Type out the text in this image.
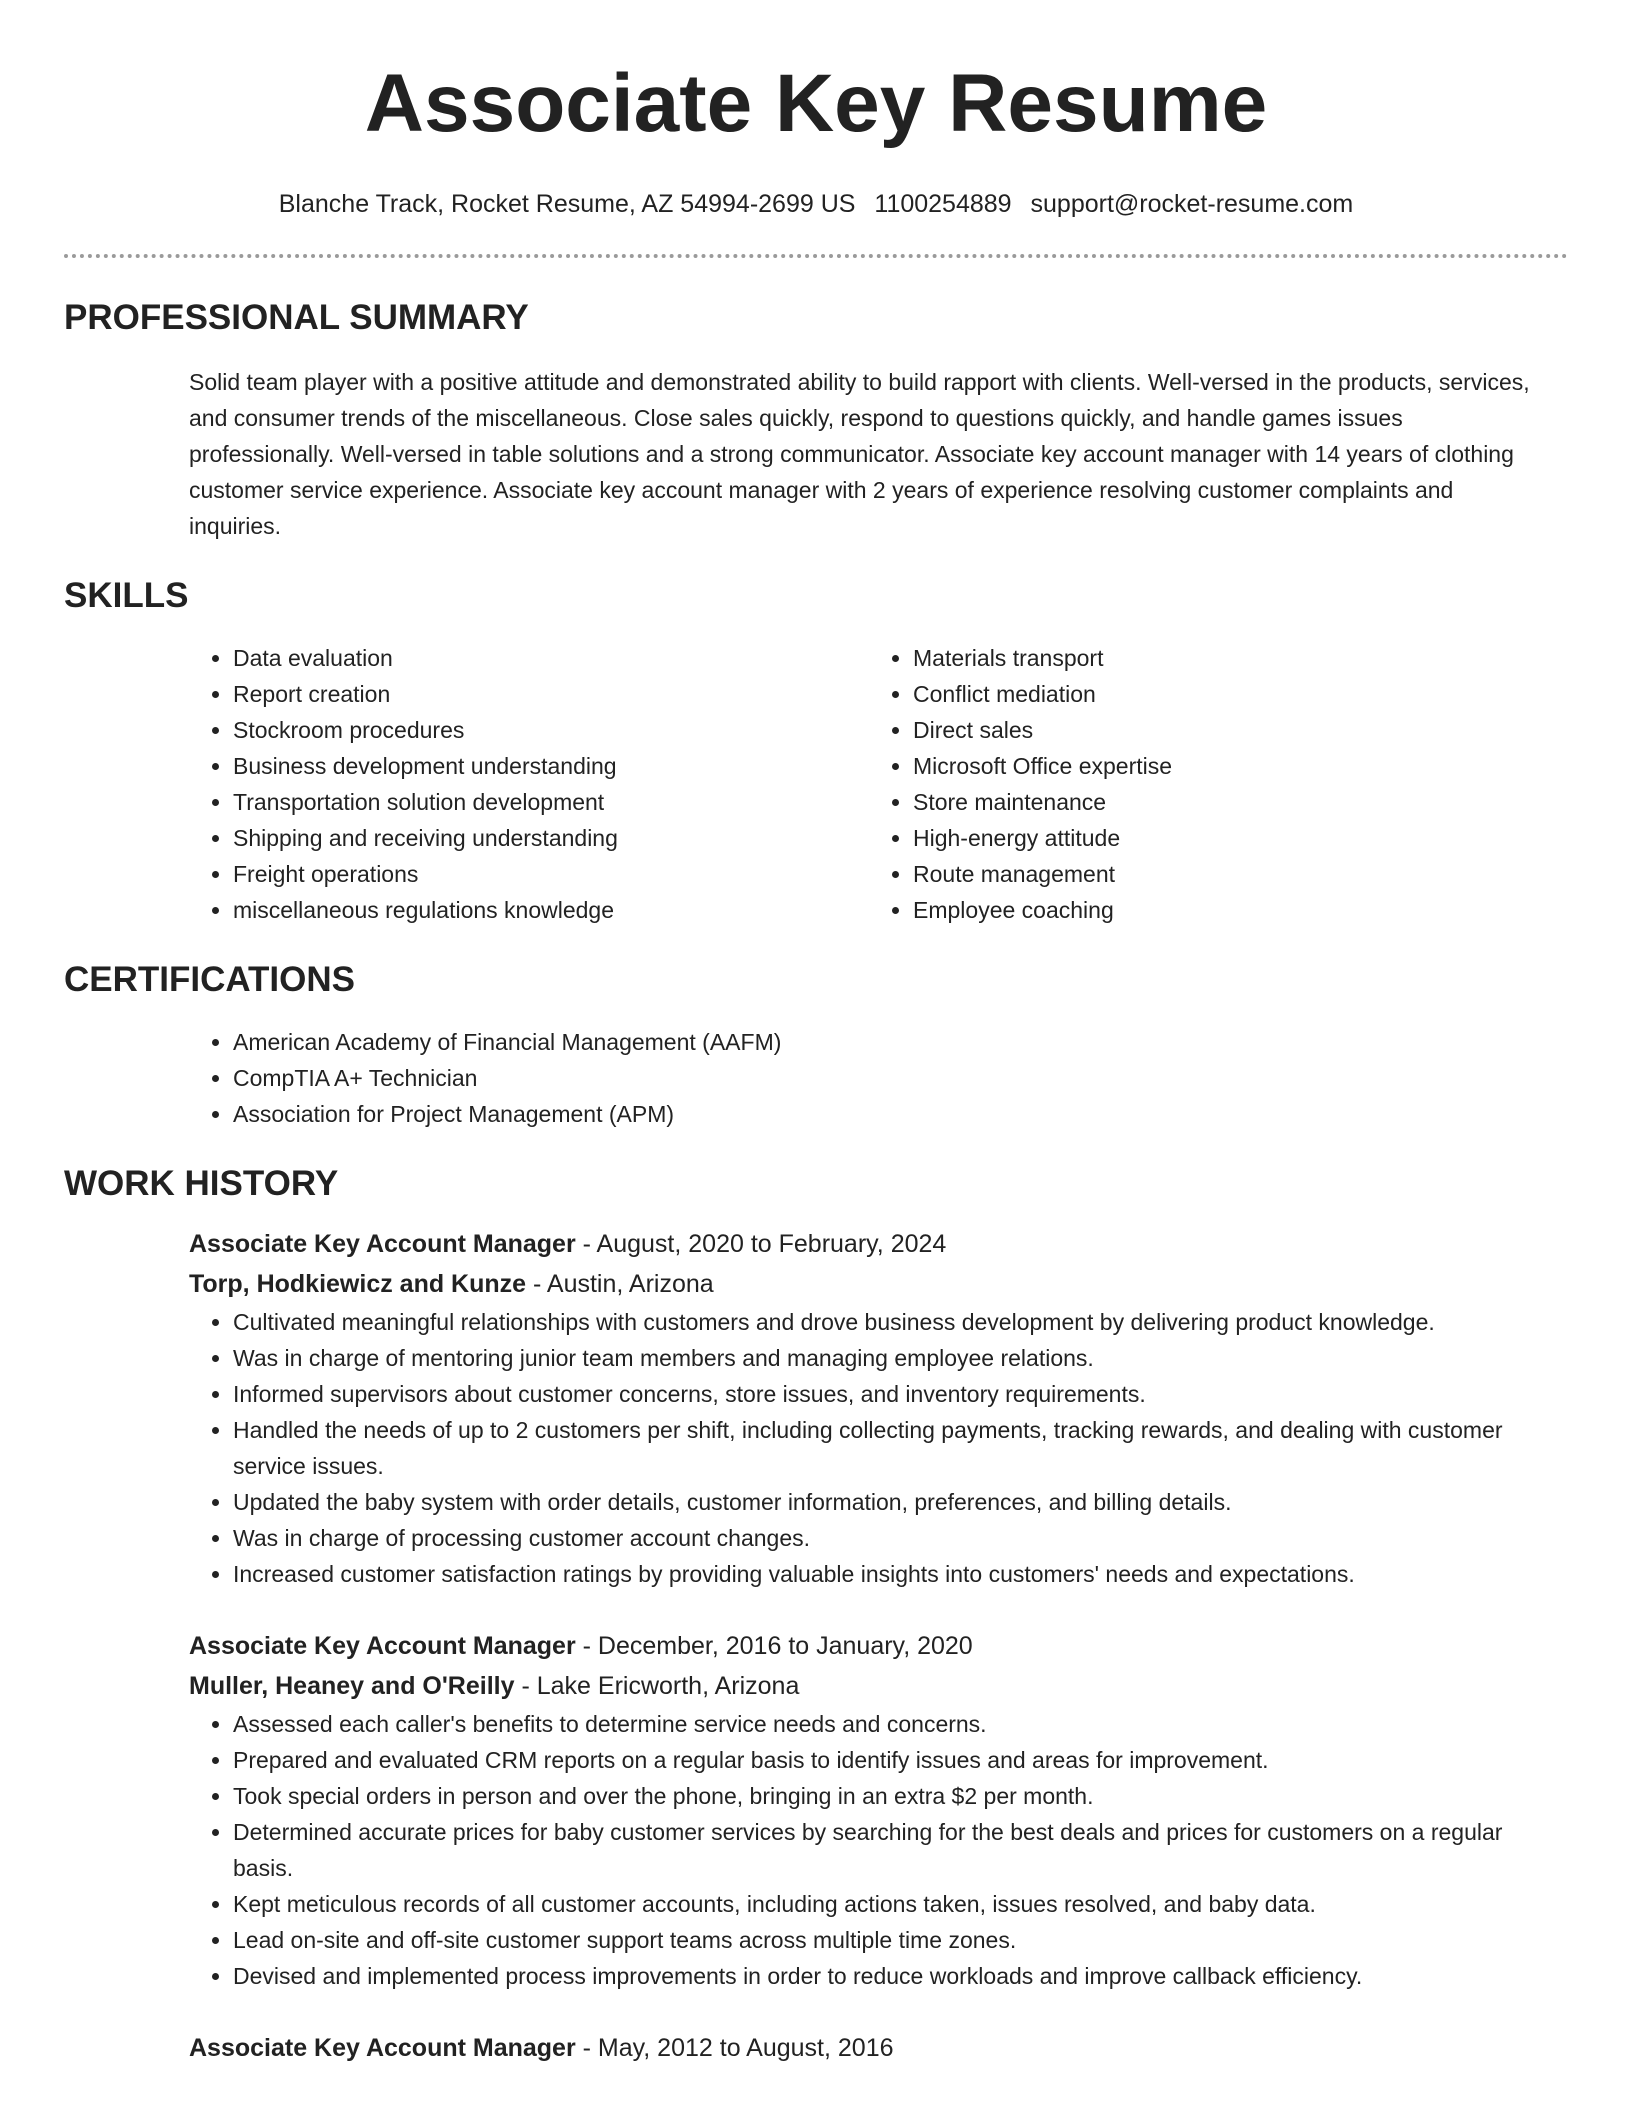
Associate Key Resume
Blanche Track, Rocket Resume, AZ 54994-2699 US 1100254889 support@rocket-resume.com
PROFESSIONAL SUMMARY
Solid team player with a positive attitude and demonstrated ability to build rapport with clients. Well-versed in the products, services, and consumer trends of the miscellaneous. Close sales quickly, respond to questions quickly, and handle games issues professionally. Well-versed in table solutions and a strong communicator. Associate key account manager with 14 years of clothing customer service experience. Associate key account manager with 2 years of experience resolving customer complaints and inquiries.
SKILLS
• Data evaluation
• Report creation
• Stockroom procedures
• Business development understanding
• Transportation solution development
• Shipping and receiving understanding
• Freight operations
• miscellaneous regulations knowledge
• Materials transport
• Conflict mediation
• Direct sales
• Microsoft Office expertise
• Store maintenance
• High-energy attitude
• Route management
• Employee coaching
CERTIFICATIONS
• American Academy of Financial Management (AAFM)
• CompTIA A+ Technician
• Association for Project Management (APM)
WORK HISTORY
Associate Key Account Manager - August, 2020 to February, 2024
Torp, Hodkiewicz and Kunze - Austin, Arizona
• Cultivated meaningful relationships with customers and drove business development by delivering product knowledge.
• Was in charge of mentoring junior team members and managing employee relations.
• Informed supervisors about customer concerns, store issues, and inventory requirements.
• Handled the needs of up to 2 customers per shift, including collecting payments, tracking rewards, and dealing with customer service issues.
• Updated the baby system with order details, customer information, preferences, and billing details.
• Was in charge of processing customer account changes.
• Increased customer satisfaction ratings by providing valuable insights into customers' needs and expectations.
Associate Key Account Manager - December, 2016 to January, 2020
Muller, Heaney and O'Reilly - Lake Ericworth, Arizona
• Assessed each caller's benefits to determine service needs and concerns.
• Prepared and evaluated CRM reports on a regular basis to identify issues and areas for improvement.
• Took special orders in person and over the phone, bringing in an extra $2 per month.
• Determined accurate prices for baby customer services by searching for the best deals and prices for customers on a regular basis.
• Kept meticulous records of all customer accounts, including actions taken, issues resolved, and baby data.
• Lead on-site and off-site customer support teams across multiple time zones.
• Devised and implemented process improvements in order to reduce workloads and improve callback efficiency.
Associate Key Account Manager - May, 2012 to August, 2016
